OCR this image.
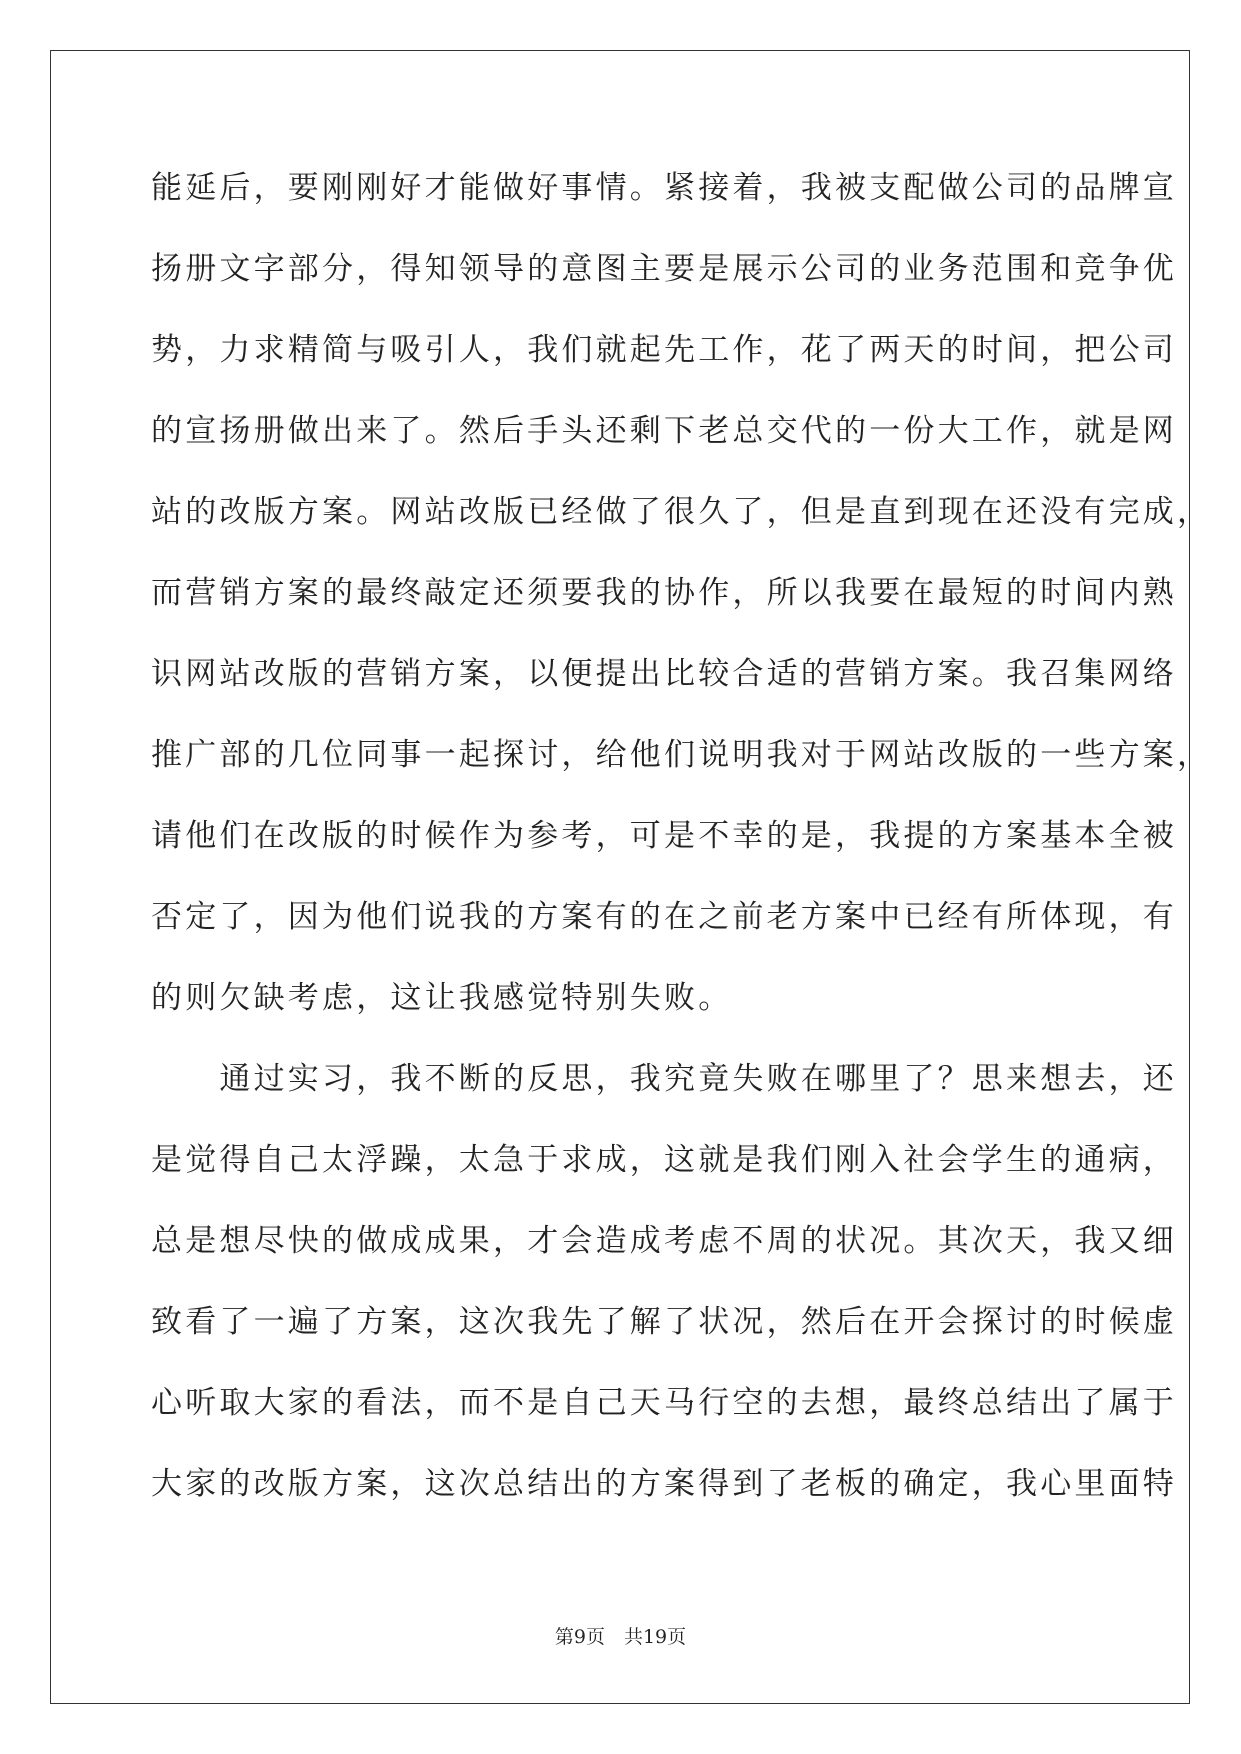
能延后，要刚刚好才能做好事情。紧接着，我被支配做公司的品牌宣
扬册文字部分，得知领导的意图主要是展示公司的业务范围和竞争优
势，力求精简与吸引人，我们就起先工作，花了两天的时间，把公司
的宣扬册做出来了。然后手头还剩下老总交代的一份大工作，就是网
站的改版方案。网站改版已经做了很久了，但是直到现在还没有完成，
而营销方案的最终敲定还须要我的协作，所以我要在最短的时间内熟
识网站改版的营销方案，以便提出比较合适的营销方案。我召集网络
推广部的几位同事一起探讨，给他们说明我对于网站改版的一些方案，
请他们在改版的时候作为参考，可是不幸的是，我提的方案基本全被
否定了，因为他们说我的方案有的在之前老方案中已经有所体现，有
的则欠缺考虑，这让我感觉特别失败。
　　通过实习，我不断的反思，我究竟失败在哪里了？思来想去，还
是觉得自己太浮躁，太急于求成，这就是我们刚入社会学生的通病，
总是想尽快的做成成果，才会造成考虑不周的状况。其次天，我又细
致看了一遍了方案，这次我先了解了状况，然后在开会探讨的时候虚
心听取大家的看法，而不是自己天马行空的去想，最终总结出了属于
大家的改版方案，这次总结出的方案得到了老板的确定，我心里面特
第9页　共19页
